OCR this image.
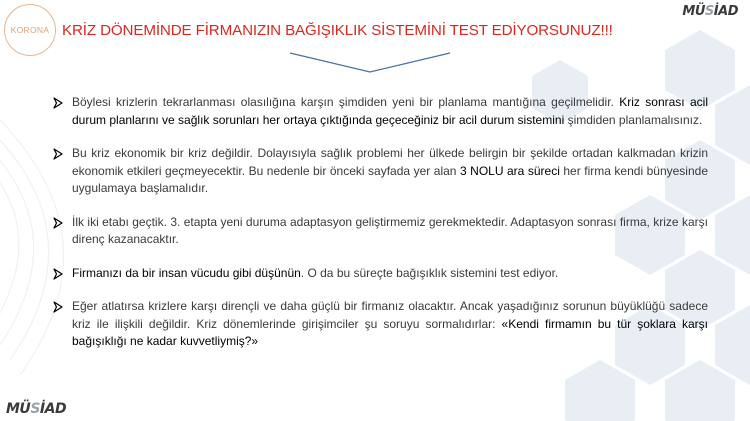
KORONA KRİZ DÖNEMİNDE FİRMANIZIN BAĞIŞIKLIK SİSTEMİNİ TEST EDİYORSUNUZ!!!
MÜSİAD
Böylesi krizlerin tekrarlanması olasılığına karşın şimdiden yeni bir planlama mantığına geçilmelidir. Kriz sonrası acil durum planlarını ve sağlık sorunları her ortaya çıktığında geçeceğiniz bir acil durum sistemini şimdiden planlamalısınız.
Bu kriz ekonomik bir kriz değildir. Dolayısıyla sağlık problemi her ülkede belirgin bir şekilde ortadan kalkmadan krizin ekonomik etkileri geçmeyecektir. Bu nedenle bir önceki sayfada yer alan 3 NOLU ara süreci her firma kendi bünyesinde uygulamaya başlamalıdır.
İlk iki etabı geçtik. 3. etapta yeni duruma adaptasyon geliştirmemiz gerekmektedir. Adaptasyon sonrası firma, krize karşı direnç kazanacaktır.
Firmanızı da bir insan vücudu gibi düşünün. O da bu süreçte bağışıklık sistemini test ediyor.
Eğer atlatırsa krizlere karşı dirençli ve daha güçlü bir firmanız olacaktır. Ancak yaşadığınız sorunun büyüklüğü sadece kriz ile ilişkili değildir. Kriz dönemlerinde girişimciler şu soruyu sormalıdırlar: «Kendi firmamın bu tür şoklara karşı bağışıklığı ne kadar kuvvetliymiş?»
MÜSİAD
